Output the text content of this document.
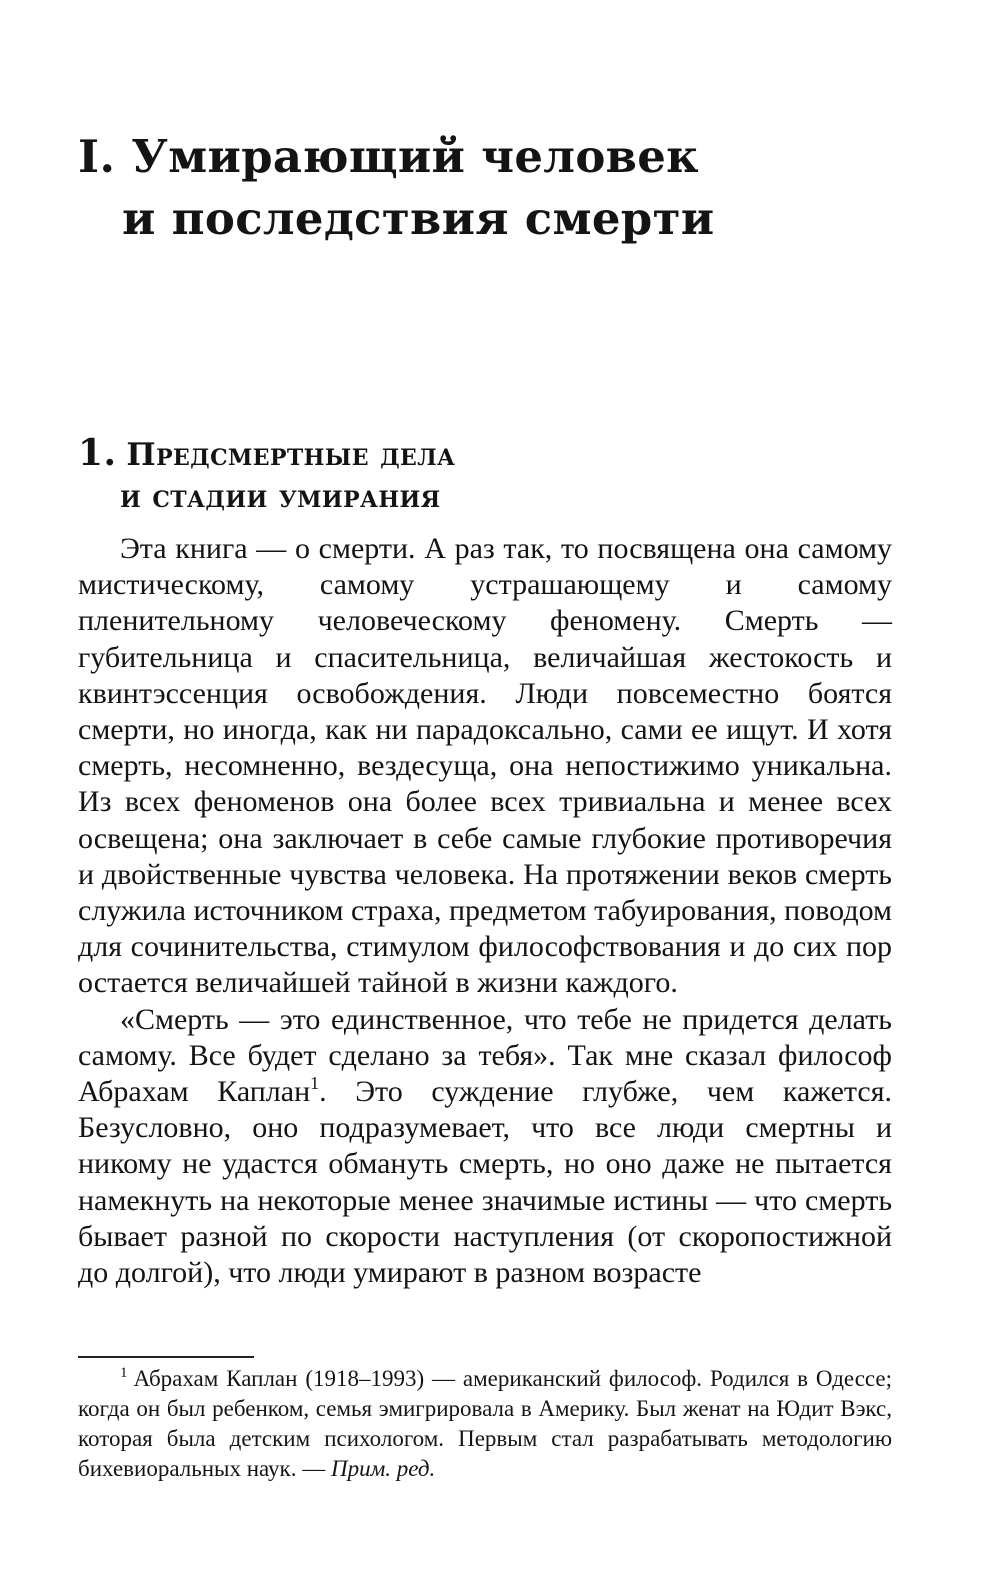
I. Умирающий человек
и последствия смерти
1. Предсмертные дела
и стадии умирания

Эта книга — о смерти. А раз так, то посвящена она самому мистическому, самому устрашающему и самому пленительному человеческому феномену. Смерть — губительница и спасительница, величайшая жестокость и квинтэссенция освобождения. Люди повсеместно боятся смерти, но иногда, как ни парадоксально, сами ее ищут. И хотя смерть, несомненно, вездесуща, она непостижимо уникальна. Из всех феноменов она более всех тривиальна и менее всех освещена; она заключает в себе самые глубокие противоречия и двойственные чувства человека. На протяжении веков смерть служила источником страха, предметом табуирования, поводом для сочинительства, стимулом философствования и до сих пор остается величайшей тайной в жизни каждого.

«Смерть — это единственное, что тебе не придется делать самому. Все будет сделано за тебя». Так мне сказал философ Абрахам Каплан$^1$. Это суждение глубже, чем кажется. Безусловно, оно подразумевает, что все люди смертны и никому не удастся обмануть смерть, но оно даже не пытается намекнуть на некоторые менее значимые истины — что смерть бывает разной по скорости наступления (от скоропостижной до долгой), что люди умирают в разном возрасте

$^1$ Абрахам Каплан (1918–1993) — американский философ. Родился в Одессе; когда он был ребенком, семья эмигрировала в Америку. Был женат на Юдит Вэкс, которая была детским психологом. Первым стал разрабатывать методологию бихевиоральных наук. — Прим. ред.
